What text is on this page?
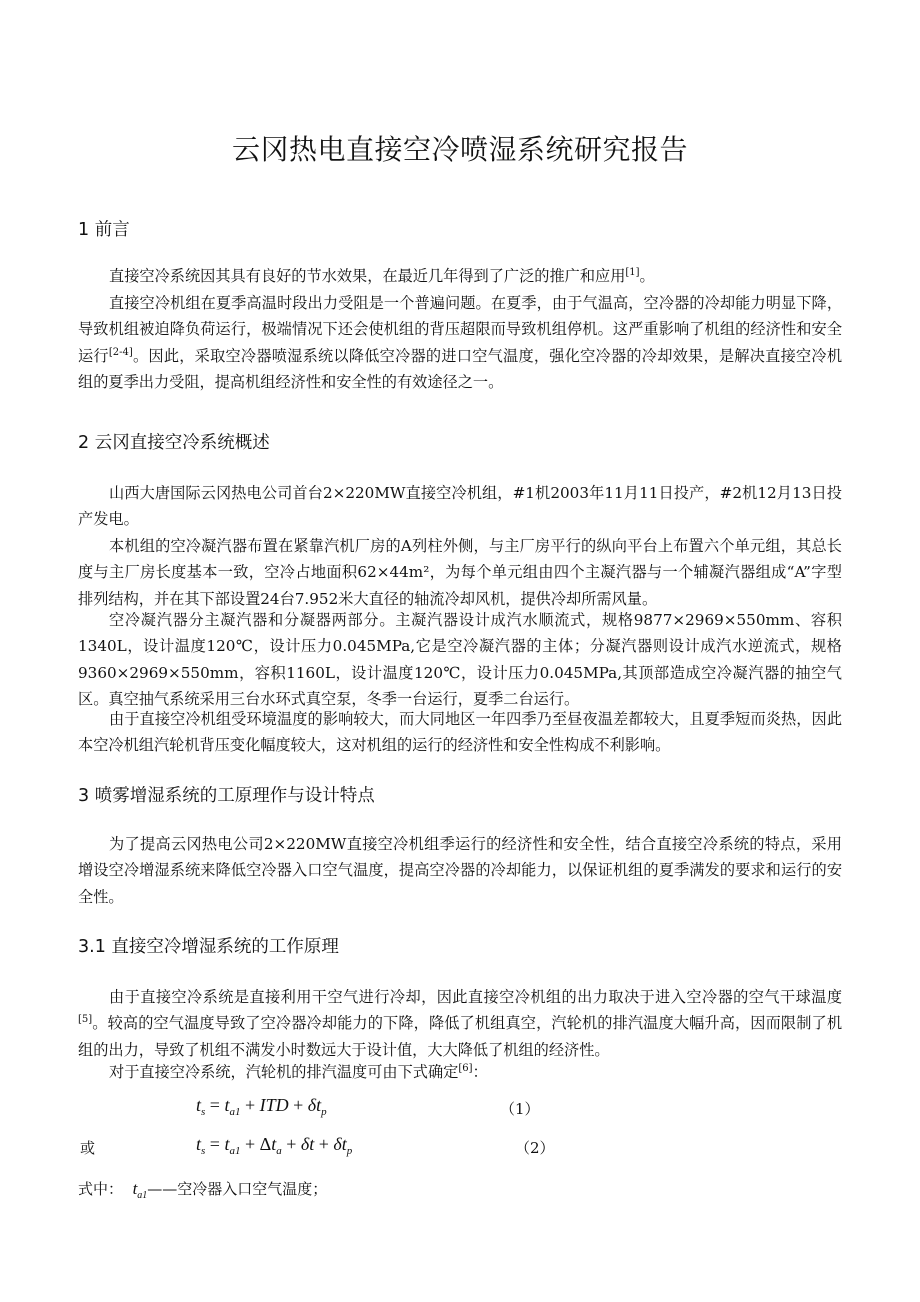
云冈热电直接空冷喷湿系统研究报告
1 前言

直接空冷系统因其具有良好的节水效果，在最近几年得到了广泛的推广和应用[1]。

直接空冷机组在夏季高温时段出力受阻是一个普遍问题。在夏季，由于气温高，空冷器的冷却能力明显下降，导致机组被迫降负荷运行，极端情况下还会使机组的背压超限而导致机组停机。这严重影响了机组的经济性和安全运行[2-4]。因此，采取空冷器喷湿系统以降低空冷器的进口空气温度，强化空冷器的冷却效果，是解决直接空冷机组的夏季出力受阻，提高机组经济性和安全性的有效途径之一。

2 云冈直接空冷系统概述

山西大唐国际云冈热电公司首台2×220MW直接空冷机组，#1机2003年11月11日投产，#2机12月13日投产发电。

本机组的空冷凝汽器布置在紧靠汽机厂房的A列柱外侧，与主厂房平行的纵向平台上布置六个单元组，其总长度与主厂房长度基本一致，空冷占地面积62×44m²，为每个单元组由四个主凝汽器与一个辅凝汽器组成“A”字型排列结构，并在其下部设置24台7.952米大直径的轴流冷却风机，提供冷却所需风量。

空冷凝汽器分主凝汽器和分凝器两部分。主凝汽器设计成汽水顺流式，规格9877×2969×550mm、容积1340L，设计温度120℃，设计压力0.045MPa,它是空冷凝汽器的主体；分凝汽器则设计成汽水逆流式，规格9360×2969×550mm，容积1160L，设计温度120℃，设计压力0.045MPa,其顶部造成空冷凝汽器的抽空气区。真空抽气系统采用三台水环式真空泵，冬季一台运行，夏季二台运行。

由于直接空冷机组受环境温度的影响较大，而大同地区一年四季乃至昼夜温差都较大，且夏季短而炎热，因此本空冷机组汽轮机背压变化幅度较大，这对机组的运行的经济性和安全性构成不利影响。

3 喷雾增湿系统的工原理作与设计特点

为了提高云冈热电公司2×220MW直接空冷机组季运行的经济性和安全性，结合直接空冷系统的特点，采用增设空冷增湿系统来降低空冷器入口空气温度，提高空冷器的冷却能力，以保证机组的夏季满发的要求和运行的安全性。

3.1 直接空冷增湿系统的工作原理

由于直接空冷系统是直接利用干空气进行冷却，因此直接空冷机组的出力取决于进入空冷器的空气干球温度[5]。较高的空气温度导致了空冷器冷却能力的下降，降低了机组真空，汽轮机的排汽温度大幅升高，因而限制了机组的出力，导致了机组不满发小时数远大于设计值，大大降低了机组的经济性。

对于直接空冷系统，汽轮机的排汽温度可由下式确定[6]：

$t_s = t_{a1}$ + ITD + $\delta t_p$	（1）
或	$t_s = t_{a1} + \Delta t_a + \delta t + \delta t_p$	（2）
式中： $t_{a1}——$空冷器入口空气温度；
